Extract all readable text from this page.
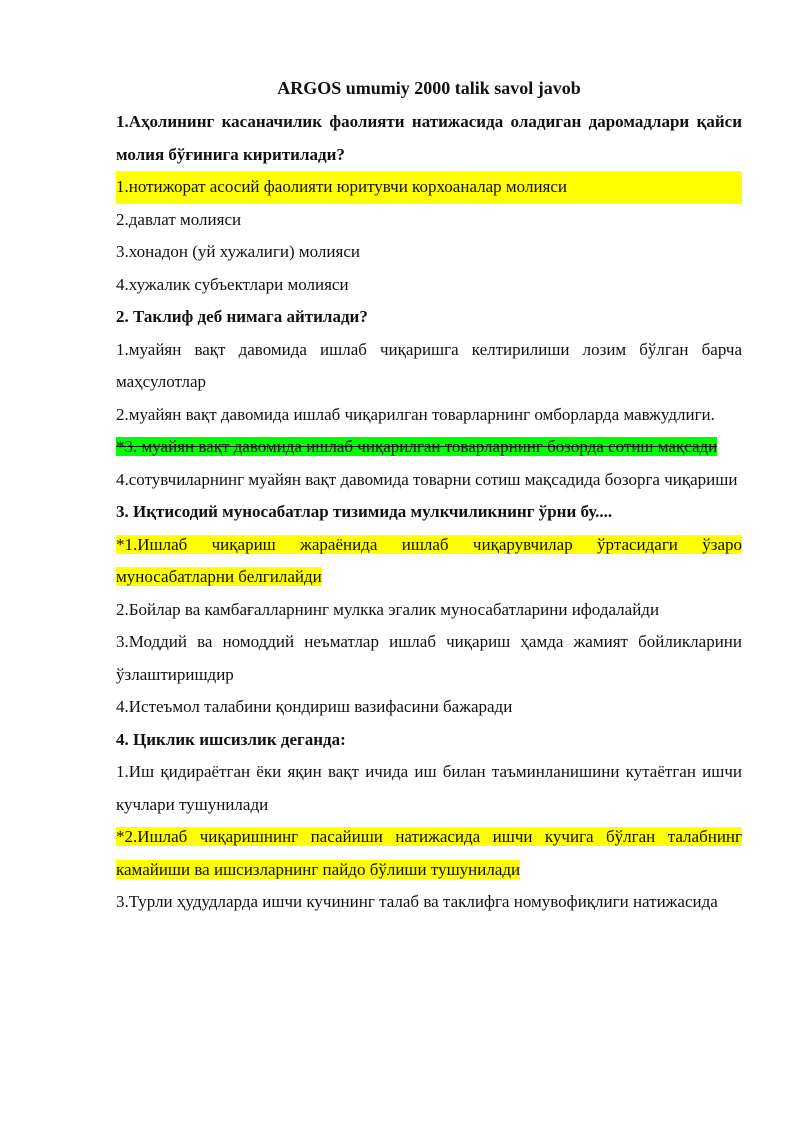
ARGOS umumiy 2000 talik savol javob

1.Аҳолининг касаначилик фаолияти натижасида оладиган даромадлари қайси молия бўғинига киритилади?

1.нотижорат асосий фаолияти юритувчи корхоаналар молияси

2.давлат молияси

3.хонадон (уй хужалиги) молияси

4.хужалик субъектлари молияси

2. Таклиф деб нимага айтилади?

1.муайян вақт давомида ишлаб чиқаришга келтирилиши лозим бўлган барча маҳсулотлар

2.муайян вақт давомида ишлаб чиқарилган товарларнинг омборларда мавжудлиги.

*3. муайян вақт давомида ишлаб чиқарилган товарларнинг бозорда сотиш мақсади

4.сотувчиларнинг муайян вақт давомида товарни сотиш мақсадида бозорга чиқариши

3. Иқтисодий муносабатлар тизимида мулкчиликнинг ўрни бу....

*1.Ишлаб чиқариш жараёнида ишлаб чиқарувчилар ўртасидаги ўзаро муносабатларни белгилайди

2.Бойлар ва камбағалларнинг мулкка эгалик муносабатларини ифодалайди

3.Моддий ва номоддий неъматлар ишлаб чиқариш ҳамда жамият бойликларини ўзлаштиришдир

4.Истеъмол талабини қондириш вазифасини бажаради

4. Циклик ишсизлик деганда:

1.Иш қидираётган ёки яқин вақт ичида иш билан таъминланишини кутаётган ишчи кучлари тушунилади

*2.Ишлаб чиқаришнинг пасайиши натижасида ишчи кучига бўлган талабнинг камайиши ва ишсизларнинг пайдо бўлиши тушунилади

3.Турли ҳудудларда ишчи кучининг талаб ва таклифга номувофиқлиги натижасида
